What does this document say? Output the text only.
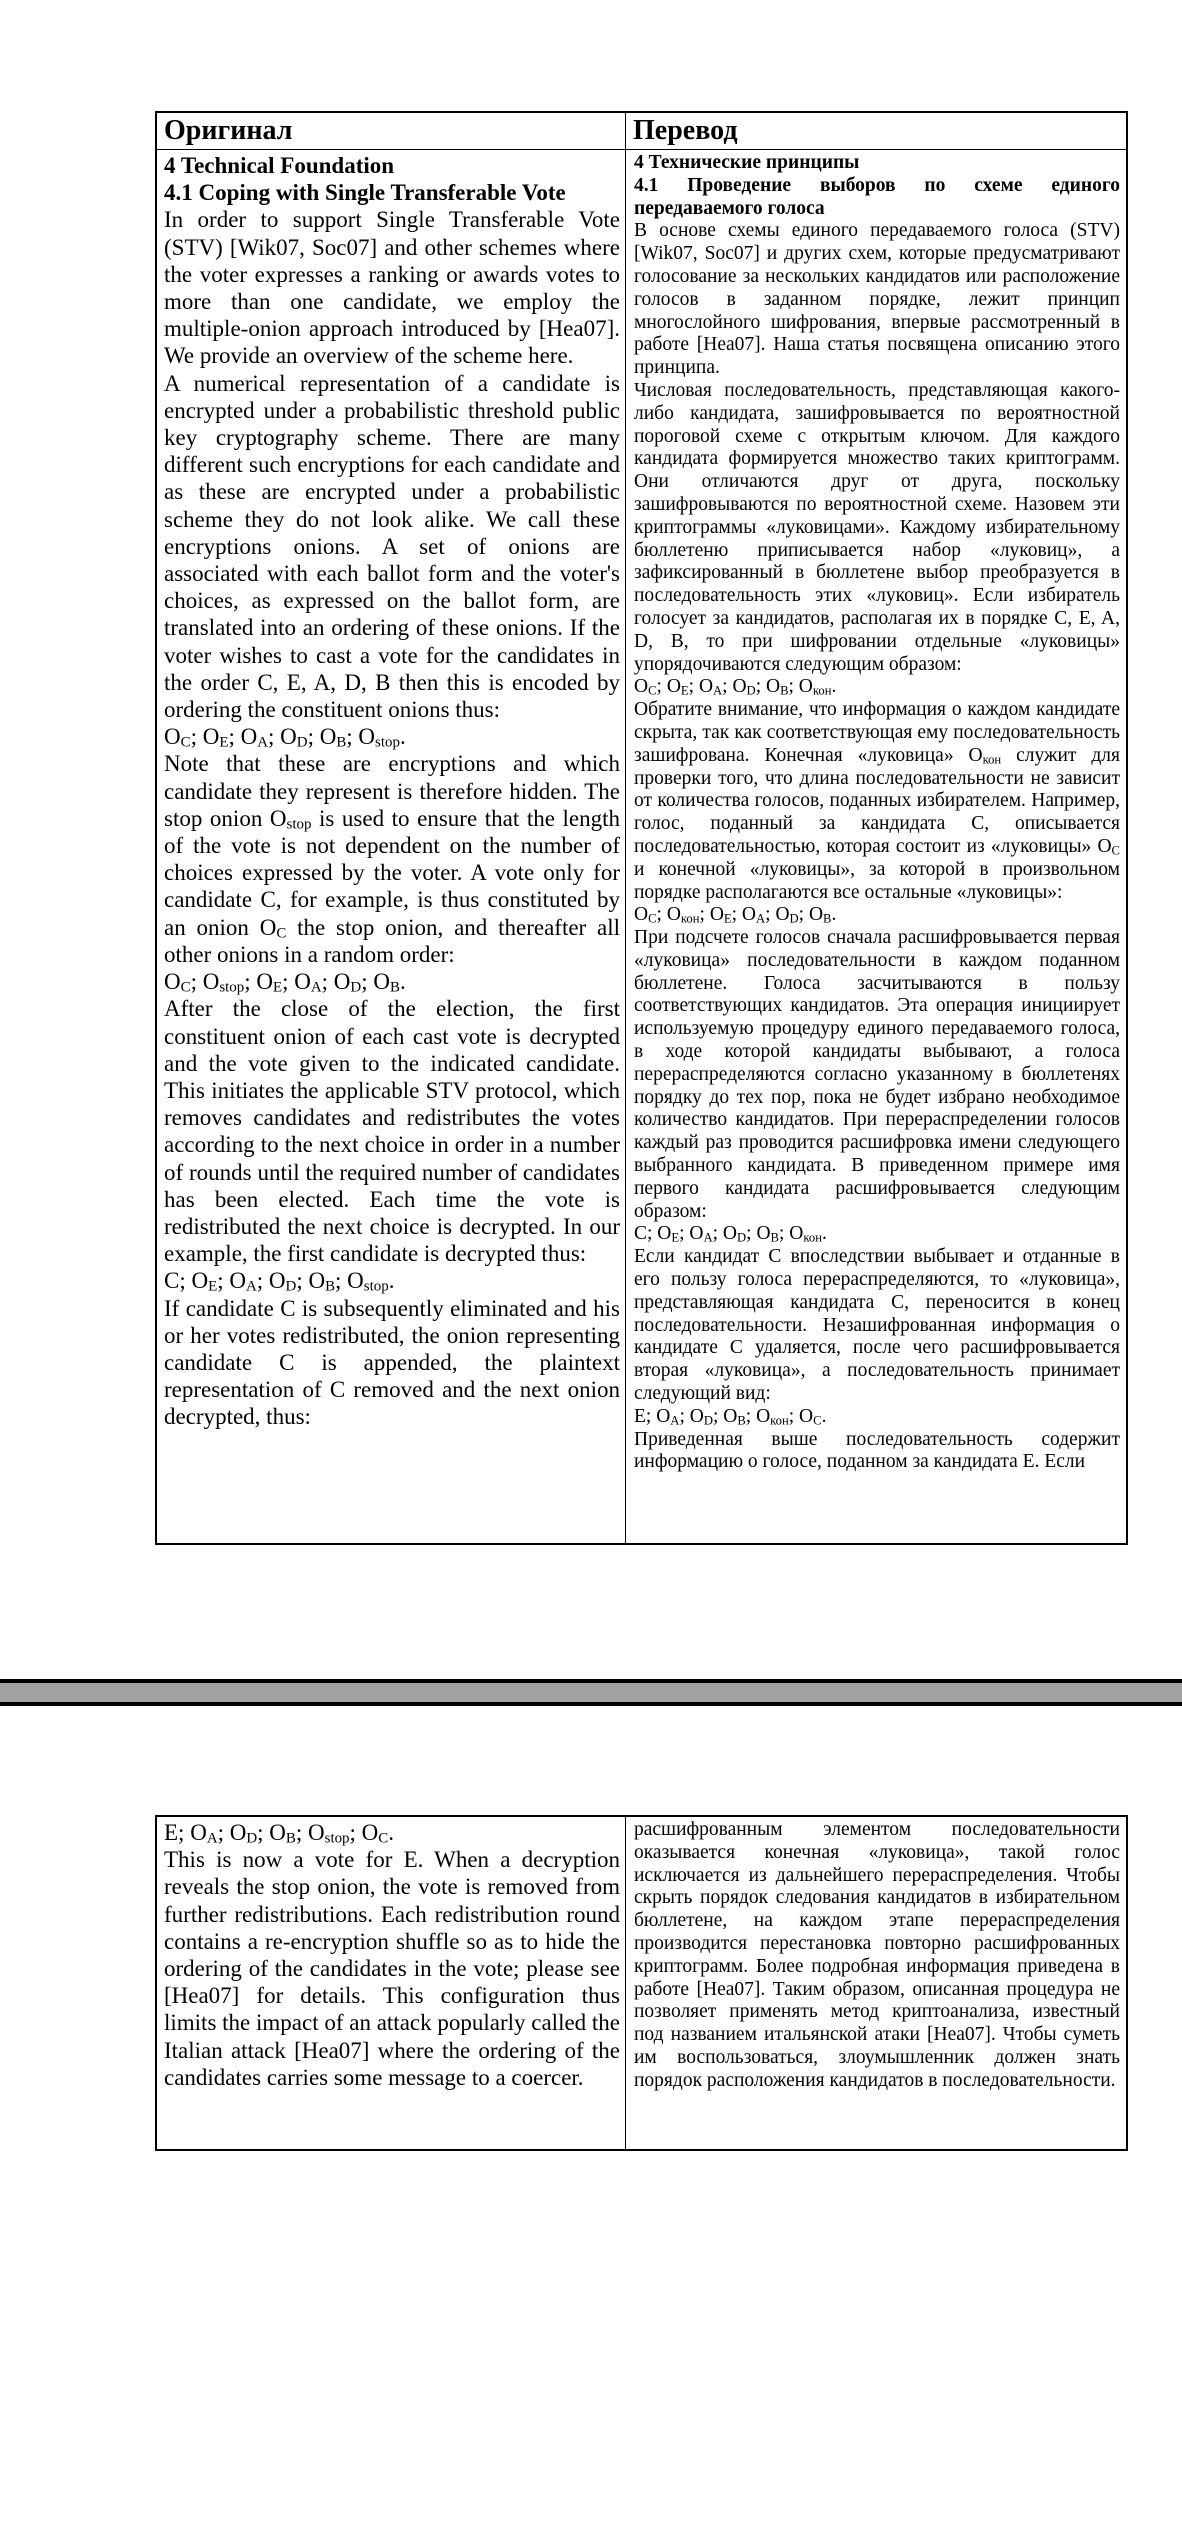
Оригинал	Перевод
4 Technical Foundation
4.1 Coping with Single Transferable Vote
In order to support Single Transferable Vote (STV) [Wik07, Soc07] and other schemes where the voter expresses a ranking or awards votes to more than one candidate, we employ the multiple-onion approach introduced by [Hea07]. We provide an overview of the scheme here.
A numerical representation of a candidate is encrypted under a probabilistic threshold public key cryptography scheme. There are many different such encryptions for each candidate and as these are encrypted under a probabilistic scheme they do not look alike. We call these encryptions onions. A set of onions are associated with each ballot form and the voter's choices, as expressed on the ballot form, are translated into an ordering of these onions. If the voter wishes to cast a vote for the candidates in the order C, E, A, D, B then this is encoded by ordering the constituent onions thus:
$O_C$; $O_E$; $O_A$; $O_D$; $O_B$; $O_{stop}$.
Note that these are encryptions and which candidate they represent is therefore hidden. The stop onion $O_{stop}$ is used to ensure that the length of the vote is not dependent on the number of choices expressed by the voter. A vote only for candidate C, for example, is thus constituted by an onion $O_C$ the stop onion, and thereafter all other onions in a random order:
$O_C$; $O_{stop}$; $O_E$; $O_A$; $O_D$; $O_B$.
After the close of the election, the first constituent onion of each cast vote is decrypted and the vote given to the indicated candidate. This initiates the applicable STV protocol, which removes candidates and redistributes the votes according to the next choice in order in a number of rounds until the required number of candidates has been elected. Each time the vote is redistributed the next choice is decrypted. In our example, the first candidate is decrypted thus:
C; $O_E$; $O_A$; $O_D$; $O_B$; $O_{stop}$.
If candidate C is subsequently eliminated and his or her votes redistributed, the onion representing candidate C is appended, the plaintext representation of C removed and the next onion decrypted, thus:
4 Технические принципы
4.1 Проведение выборов по схеме единого передаваемого голоса
В основе схемы единого передаваемого голоса (STV) [Wik07, Soc07] и других схем, которые предусматривают голосование за нескольких кандидатов или расположение голосов в заданном порядке, лежит принцип многослойного шифрования, впервые рассмотренный в работе [Hea07]. Наша статья посвящена описанию этого принципа.
Числовая последовательность, представляющая какого-либо кандидата, зашифровывается по вероятностной пороговой схеме с открытым ключом. Для каждого кандидата формируется множество таких криптограмм. Они отличаются друг от друга, поскольку зашифровываются по вероятностной схеме. Назовем эти криптограммы «луковицами». Каждому избирательному бюллетеню приписывается набор «луковиц», а зафиксированный в бюллетене выбор преобразуется в последовательность этих «луковиц». Если избиратель голосует за кандидатов, располагая их в порядке C, E, A, D, B, то при шифровании отдельные «луковицы» упорядочиваются следующим образом:
$O_C$; $O_E$; $O_A$; $O_D$; $O_B$; $O_{кон}$.
Обратите внимание, что информация о каждом кандидате скрыта, так как соответствующая ему последовательность зашифрована. Конечная «луковица» $O_{кон}$ служит для проверки того, что длина последовательности не зависит от количества голосов, поданных избирателем. Например, голос, поданный за кандидата C, описывается последовательностью, которая состоит из «луковицы» $O_C$ и конечной «луковицы», за которой в произвольном порядке располагаются все остальные «луковицы»:
$O_C$; $O_{кон}$; $O_E$; $O_A$; $O_D$; $O_B$.
При подсчете голосов сначала расшифровывается первая «луковица» последовательности в каждом поданном бюллетене. Голоса засчитываются в пользу соответствующих кандидатов. Эта операция инициирует используемую процедуру единого передаваемого голоса, в ходе которой кандидаты выбывают, а голоса перераспределяются согласно указанному в бюллетенях порядку до тех пор, пока не будет избрано необходимое количество кандидатов. При перераспределении голосов каждый раз проводится расшифровка имени следующего выбранного кандидата. В приведенном примере имя первого кандидата расшифровывается следующим образом:
C; $O_E$; $O_A$; $O_D$; $O_B$; $O_{кон}$.
Если кандидат C впоследствии выбывает и отданные в его пользу голоса перераспределяются, то «луковица», представляющая кандидата C, переносится в конец последовательности. Незашифрованная информация о кандидате C удаляется, после чего расшифровывается вторая «луковица», а последовательность принимает следующий вид:
E; $O_A$; $O_D$; $O_B$; $O_{кон}$; $O_C$.
Приведенная выше последовательность содержит информацию о голосе, поданном за кандидата E. Если
E; $O_A$; $O_D$; $O_B$; $O_{stop}$; $O_C$.
This is now a vote for E. When a decryption reveals the stop onion, the vote is removed from further redistributions. Each redistribution round contains a re-encryption shuffle so as to hide the ordering of the candidates in the vote; please see [Hea07] for details. This configuration thus limits the impact of an attack popularly called the Italian attack [Hea07] where the ordering of the candidates carries some message to a coercer.
расшифрованным элементом последовательности оказывается конечная «луковица», такой голос исключается из дальнейшего перераспределения. Чтобы скрыть порядок следования кандидатов в избирательном бюллетене, на каждом этапе перераспределения производится перестановка повторно расшифрованных криптограмм. Более подробная информация приведена в работе [Hea07]. Таким образом, описанная процедура не позволяет применять метод криптоанализа, известный под названием итальянской атаки [Hea07]. Чтобы суметь им воспользоваться, злоумышленник должен знать порядок расположения кандидатов в последовательности.
